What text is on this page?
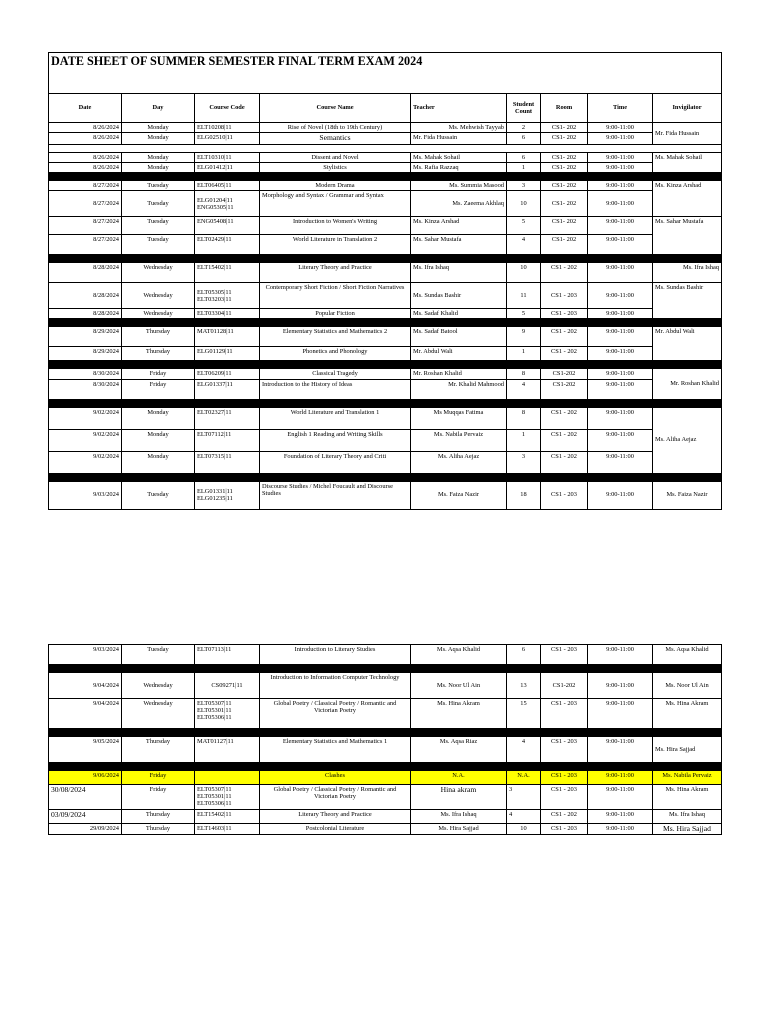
DATE SHEET OF SUMMER SEMESTER FINAL TERM EXAM 2024								
Date	Day	Course Code	Course Name	Teacher	Student Count	Room	Time	Invigilator
8/26/2024	Monday	ELT10208|11	Rise of Novel (18th to 19th Century)	Ms. Mehwish Tayyab	2	CS1- 202	9:00-11:00	Mr. Fida Hussain
8/26/2024	Monday	ELG02510|11	Semantics	Mr. Fida Hussain	6	CS1- 202	9:00-11:00	

8/26/2024	Monday	ELT10310|11	Dissent and Novel	Ms. Mahak Sohail	6	CS1- 202	9:00-11:00	Ms. Mahak Sohail
8/26/2024	Monday	ELG01412|11	Stylistics	Ms. Rafia Razzaq	1	CS1- 202	9:00-11:00	

8/27/2024	Tuesday	ELT06405|11	Modern Drama	Ms. Summia Masood	3	CS1- 202	9:00-11:00	Ms. Kinza Arshad
8/27/2024	Tuesday	ELG01204|11 ENG05305|11	Morphology and Syntax / Grammar and Syntax	Ms. Zaeema Akhlaq	10	CS1- 202	9:00-11:00	
8/27/2024	Tuesday	ENG05408|11	Introduction to Women's Writing	Ms. Kinza Arshad	5	CS1- 202	9:00-11:00	Ms. Sahar Mustafa
8/27/2024	Tuesday	ELT02429|11	World Literature in Translation 2	Ms. Sahar Mustafa	4	CS1- 202	9:00-11:00	

8/28/2024	Wednesday	ELT15402|11	Literary Theory and Practice	Ms. Ifra Ishaq	10	CS1 - 202	9:00-11:00	Ms. Ifra Ishaq
8/28/2024	Wednesday	ELT05305|11 ELT03203|11	Contemporary Short Fiction / Short Fiction Narratives	Ms. Sundas Bashir	11	CS1 - 203	9:00-11:00	Ms. Sundas Bashir
8/28/2024	Wednesday	ELT03304|11	Popular Fiction	Ms. Sadaf Khalid	5	CS1 - 203	9:00-11:00	

8/29/2024	Thursday	MAT01128|11	Elementary Statistics and Mathematics 2	Ms. Sadaf Batool	9	CS1 - 202	9:00-11:00	Mr. Abdul Wali
8/29/2024	Thursday	ELG01129|11	Phonetics and Phonology	Mr. Abdul Wali	1	CS1 - 202	9:00-11:00	

8/30/2024	Friday	ELT06209|11	Classical Tragedy	Mr. Roshan Khalid	8	CS1-202	9:00-11:00	Mr. Roshan Khalid
8/30/2024	Friday	ELG01337|11	Introduction to the History of Ideas	Mr. Khalid Mahmood	4	CS1-202	9:00-11:00	

9/02/2024	Monday	ELT02327|11	World Literature and Translation 1	Ms Muqqas Fatima	8	CS1 - 202	9:00-11:00	Ms. Aliha Aejaz
9/02/2024	Monday	ELT07112|11	English 1 Reading and Writing Skills	Ms. Nabila Pervaiz	1	CS1 - 202	9:00-11:00	
9/02/2024	Monday	ELT07315|11	Foundation of Literary Theory and Criti	Ms. Aliha Aejaz	3	CS1 - 202	9:00-11:00	

9/03/2024	Tuesday	ELG01331|11 ELG01235|11	Discourse Studies / Michel Foucault and Discourse Studies	Ms. Faiza Nazir	18	CS1 - 203	9:00-11:00	Ms. Faiza Nazir
9/03/2024	Tuesday	ELT07113|11	Introduction to Literary Studies	Ms. Aqsa Khalid	6	CS1 - 203	9:00-11:00	Ms. Aqsa Khalid

9/04/2024	Wednesday	CS09271|11	Introduction to Information Computer Technology	Ms. Noor Ul Ain	13	CS1-202	9:00-11:00	Ms. Noor Ul Ain
9/04/2024	Wednesday	ELT05307|11 ELT05301|11 ELT05306|11	Global Poetry / Classical Poetry / Romantic and Victorian Poetry	Ms. Hina Akram	15	CS1 - 203	9:00-11:00	Ms. Hina Akram

9/05/2024	Thursday	MAT01127|11	Elementary Statistics and Mathematics 1	Ms. Aqsa Riaz	4	CS1 - 203	9:00-11:00	Ms. Hira Sajjad

9/06/2024	Friday		Clashes	N.A.	N.A.	CS1 - 203	9:00-11:00	Ms. Nabila Pervaiz
30/08/2024	Friday	ELT05307|11 ELT05301|11 ELT05306|11	Global Poetry / Classical Poetry / Romantic and Victorian Poetry	Hina akram	3	CS1 - 203	9:00-11:00	Ms. Hina Akram
03/09/2024	Thursday	ELT15402|11	Literary Theory and Practice	Ms. Ifra Ishaq	4	CS1 - 202	9:00-11:00	Ms. Ifra Ishaq
29/09/2024	Thursday	ELT14603|11	Postcolonial Literature	Ms. Hira Sajjad	10	CS1 - 203	9:00-11:00	Ms. Hira Sajjad
